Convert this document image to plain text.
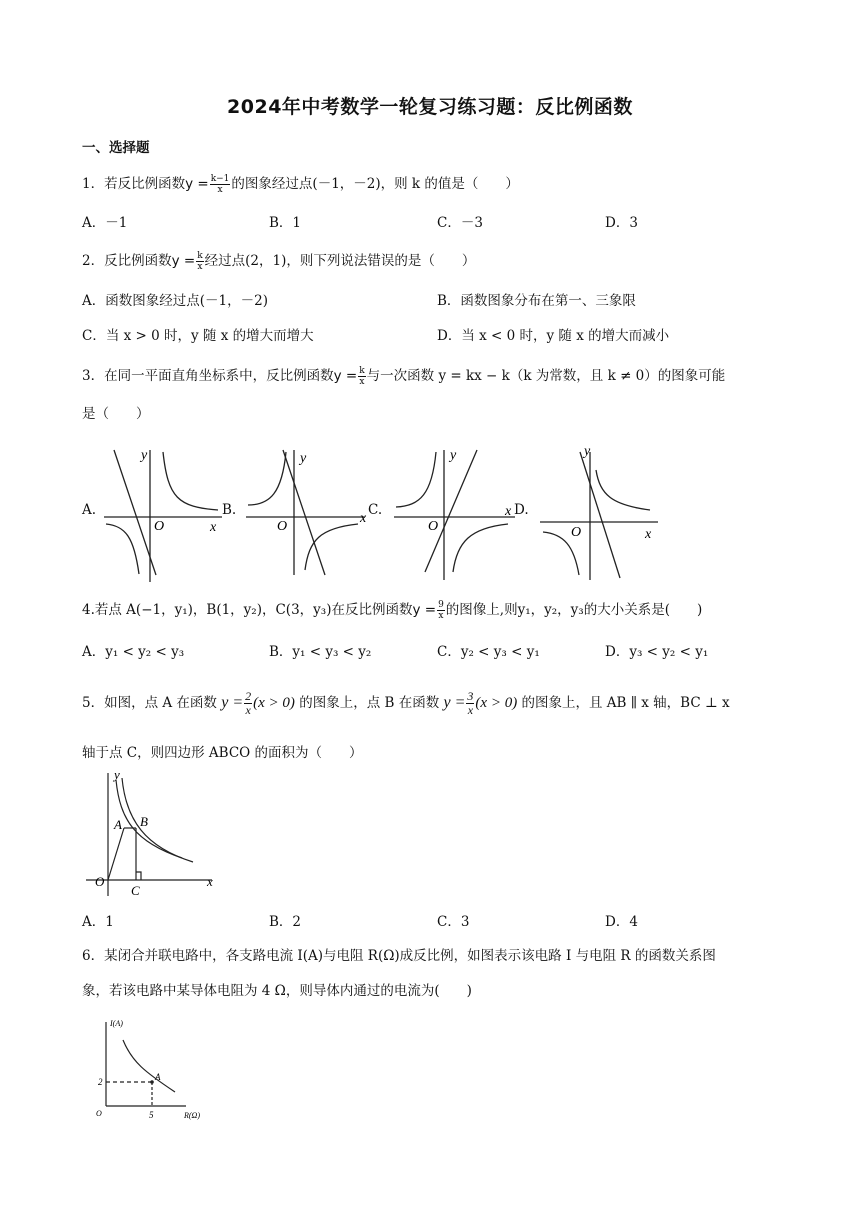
2024年中考数学一轮复习练习题：反比例函数
一、选择题
1．若反比例函数$y = \frac{k-1}{x}$ 的图象经过点(－1，－2)，则 k 的值是（　　）
A．－1	B．1	C．－3	D．3
2．反比例函数$y = \frac{k}{x}$ 经过点(2，1)，则下列说法错误的是（　　）
A．函数图象经过点(－1，－2)	B．函数图象分布在第一、三象限
C．当 x > 0 时，y 随 x 的增大而增大	D．当 x < 0 时，y 随 x 的增大而减小
3．在同一平面直角坐标系中，反比例函数$y = \frac{k}{x}$ 与一次函数 y = kx − k（k 为常数，且 k ≠ 0）的图象可能
是（　　）
A.	B.	C.	D.
y
x
O
y
x
O
y
x
O
y
x
O
4.若点 A(−1，y₁)，B(1，y₂)，C(3，y₃)在反比例函数$y = \frac{9}{x}$ 的图像上,则y₁，y₂，y₃的大小关系是(　　)
A．y₁ < y₂ < y₃	B．y₁ < y₃ < y₂	C．y₂ < y₃ < y₁	D．y₃ < y₂ < y₁
5．如图，点 A 在函数 $y = \frac{2}{x} (x > 0)$ 的图象上，点 B 在函数 $y = \frac{3}{x} (x > 0)$ 的图象上，且 AB ∥ x 轴，BC ⊥ x
轴于点 C，则四边形 ABCO 的面积为（　　）
y
x
O
A B
C
A．1	B．2	C．3	D．4
6．某闭合并联电路中，各支路电流 I(A)与电阻 R(Ω)成反比例，如图表示该电路 I 与电阻 R 的函数关系图
象，若该电路中某导体电阻为 4 Ω，则导体内通过的电流为(　　)
I(A)
R(Ω)
O
A
2
5
